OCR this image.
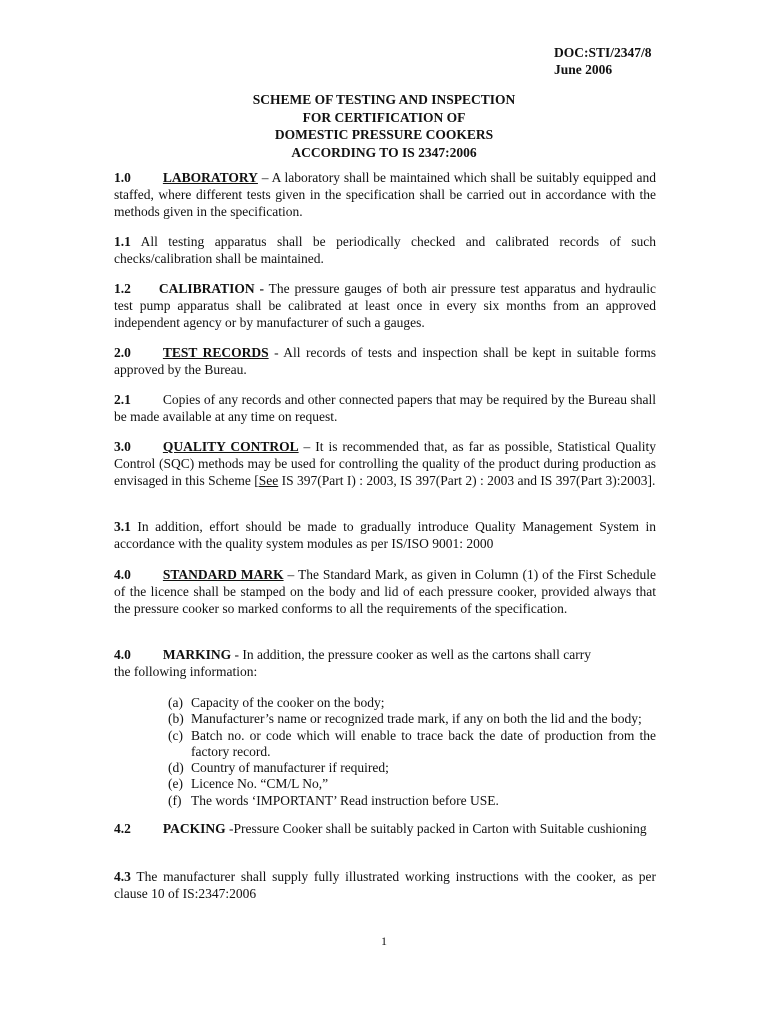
DOC:STI/2347/8
June 2006
SCHEME OF TESTING AND INSPECTION
FOR CERTIFICATION OF
DOMESTIC PRESSURE COOKERS
ACCORDING TO IS 2347:2006
1.0 LABORATORY – A laboratory shall be maintained which shall be suitably equipped and staffed, where different tests given in the specification shall be carried out in accordance with the methods given in the specification.
1.1 All testing apparatus shall be periodically checked and calibrated records of such checks/calibration shall be maintained.
1.2 CALIBRATION - The pressure gauges of both air pressure test apparatus and hydraulic test pump apparatus shall be calibrated at least once in every six months from an approved independent agency or by manufacturer of such a gauges.
2.0 TEST RECORDS - All records of tests and inspection shall be kept in suitable forms approved by the Bureau.
2.1 Copies of any records and other connected papers that may be required by the Bureau shall be made available at any time on request.
3.0 QUALITY CONTROL – It is recommended that, as far as possible, Statistical Quality Control (SQC) methods may be used for controlling the quality of the product during production as envisaged in this Scheme [See IS 397(Part I) : 2003, IS 397(Part 2) : 2003 and IS 397(Part 3):2003].
3.1 In addition, effort should be made to gradually introduce Quality Management System in accordance with the quality system modules as per IS/ISO 9001: 2000
4.0 STANDARD MARK – The Standard Mark, as given in Column (1) of the First Schedule of the licence shall be stamped on the body and lid of each pressure cooker, provided always that the pressure cooker so marked conforms to all the requirements of the specification.
4.0 MARKING - In addition, the pressure cooker as well as the cartons shall carry
the following information:
(a) Capacity of the cooker on the body;
(b) Manufacturer’s name or recognized trade mark, if any on both the lid and the body;
(c) Batch no. or code which will enable to trace back the date of production from the factory record.
(d) Country of manufacturer if required;
(e) Licence No. “CM/L No,”
(f) The words ‘IMPORTANT’ Read instruction before USE.
4.2 PACKING -Pressure Cooker shall be suitably packed in Carton with Suitable cushioning
4.3 The manufacturer shall supply fully illustrated working instructions with the cooker, as per clause 10 of IS:2347:2006
1
